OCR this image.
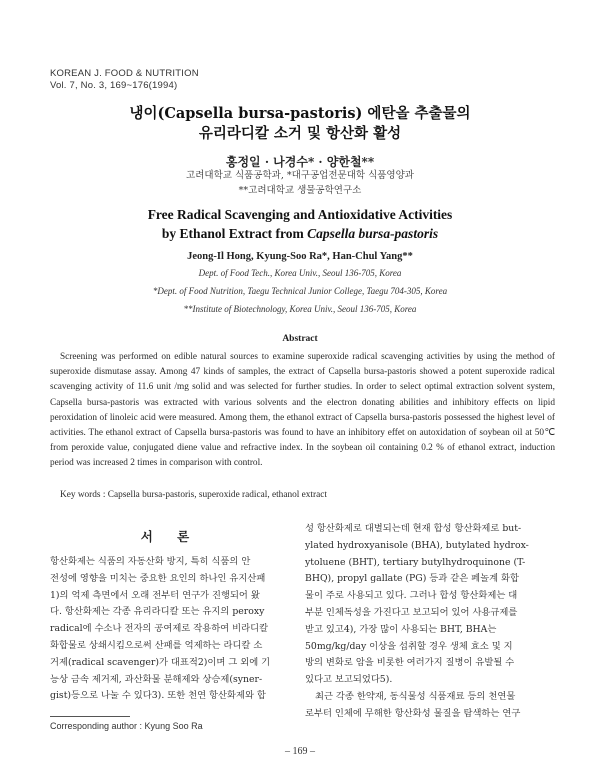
KOREAN J. FOOD & NUTRITION
Vol. 7, No. 3, 169~176(1994)
냉이(Capsella bursa-pastoris) 에탄올 추출물의
유리라디칼 소거 및 항산화 활성
홍정일 · 나경수* · 양한철**
고려대학교 식품공학과, *대구공업전문대학 식품영양과
**고려대학교 생물공학연구소
Free Radical Scavenging and Antioxidative Activities
by Ethanol Extract from Capsella bursa-pastoris
Jeong-Il Hong, Kyung-Soo Ra*, Han-Chul Yang**
Dept. of Food Tech., Korea Univ., Seoul 136-705, Korea
*Dept. of Food Nutrition, Taegu Technical Junior College, Taegu 704-305, Korea
**Institute of Biotechnology, Korea Univ., Seoul 136-705, Korea
Abstract

Screening was performed on edible natural sources to examine superoxide radical scavenging activities by using the method of superoxide dismutase assay. Among 47 kinds of samples, the extract of Capsella bursa-pastoris showed a potent superoxide radical scavenging activity of 11.6 unit /mg solid and was selected for further studies. In order to select optimal extraction solvent system, Capsella bursa-pastoris was extracted with various solvents and the electron donating abilities and inhibitory effects on lipid peroxidation of linoleic acid were measured. Among them, the ethanol extract of Capsella bursa-pastoris possessed the highest level of activities. The ethanol extract of Capsella bursa-pastoris was found to have an inhibitory effet on autoxidation of soybean oil at 50℃ from peroxide value, conjugated diene value and refractive index. In the soybean oil containing 0.2 % of ethanol extract, induction period was increased 2 times in comparison with control.

Key words : Capsella bursa-pastoris, superoxide radical, ethanol extract
서 론
항산화제는 식품의 자동산화 방지, 특히 식품의 안
전성에 영향을 미치는 중요한 요인의 하나인 유지산패
1)의 억제 측면에서 오래 전부터 연구가 진행되어 왔
다. 항산화제는 각종 유리라디칼 또는 유지의 peroxy
radical에 수소나 전자의 공여제로 작용하여 비라디칼
화합물로 상쇄시킴으로써 산패를 억제하는 라디칼 소
거제(radical scavenger)가 대표적2)이며 그 외에 기
능상 금속 제거제, 과산화물 분해제와 상승제(syner-
gist)등으로 나눌 수 있다3). 또한 천연 항산화제와 합
성 항산화제로 대별되는데 현재 합성 항산화제로 but-
ylated hydroxyanisole (BHA), butylated hydrox-
ytoluene (BHT), tertiary butylhydroquinone (T-
BHQ), propyl gallate (PG) 등과 같은 페놀계 화합
물이 주로 사용되고 있다. 그러나 합성 항산화제는 대
부분 인체독성을 가진다고 보고되어 있어 사용규제를
받고 있고4), 가장 많이 사용되는 BHT, BHA는
50mg/kg/day 이상을 섭취할 경우 생체 효소 및 지
방의 변화로 암을 비롯한 여러가지 질병이 유발될 수
있다고 보고되었다5).
최근 각종 한약재, 동식물성 식품재료 등의 천연물
로부터 인체에 무해한 항산화성 물질을 탐색하는 연구
Corresponding author : Kyung Soo Ra
– 169 –
